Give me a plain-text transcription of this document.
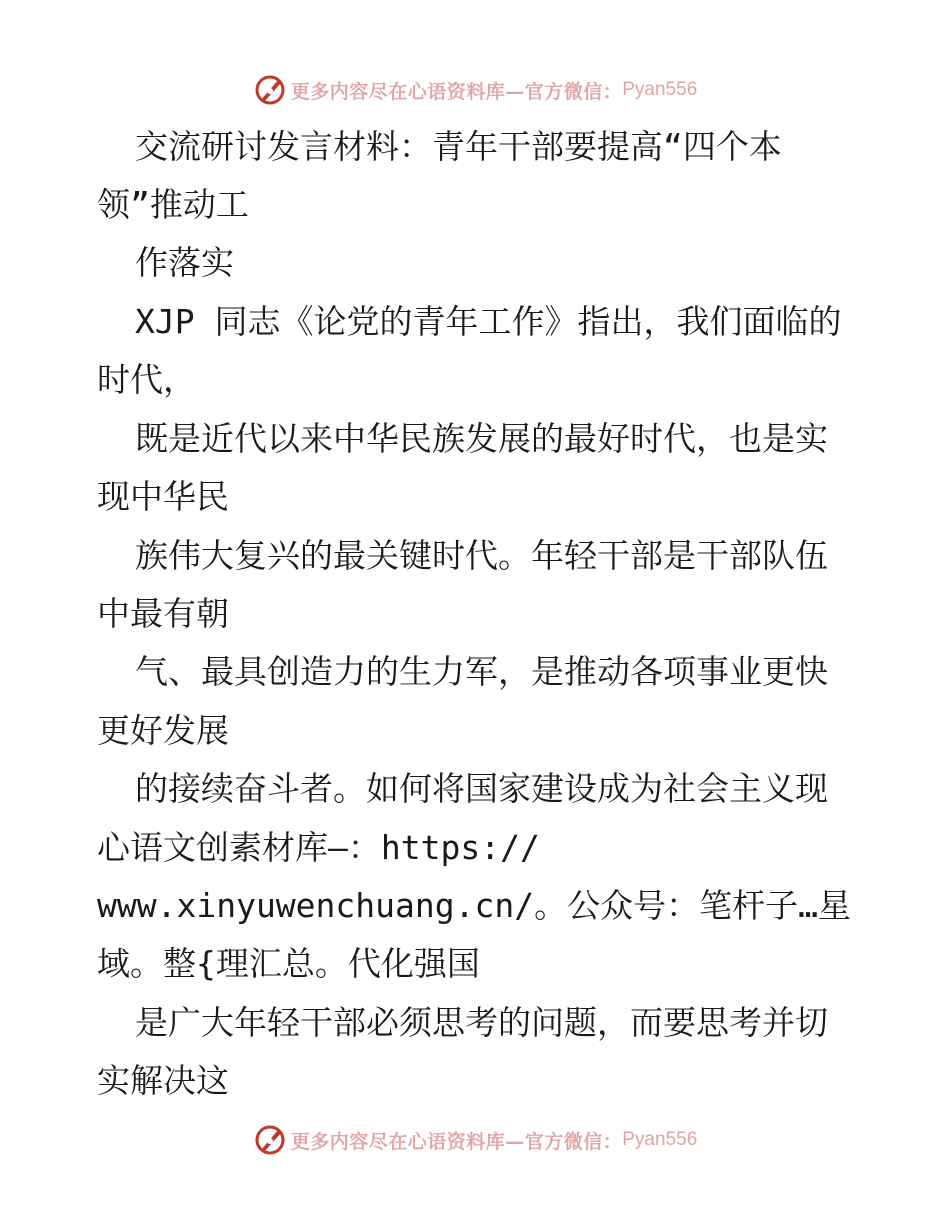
更多内容尽在心语资料库—官方微信： Pyan556
交流研讨发言材料：青年干部要提高“四个本
领”推动工
作落实
XJP 同志《论党的青年工作》指出，我们面临的
时代，
既是近代以来中华民族发展的最好时代，也是实
现中华民
族伟大复兴的最关键时代。年轻干部是干部队伍
中最有朝
气、最具创造力的生力军，是推动各项事业更快
更好发展
的接续奋斗者。如何将国家建设成为社会主义现
心语文创素材库—：https://
www.xinyuwenchuang.cn/。公众号：笔杆子…星
域。整{理汇总。代化强国
是广大年轻干部必须思考的问题，而要思考并切
实解决这
更多内容尽在心语资料库—官方微信： Pyan556
